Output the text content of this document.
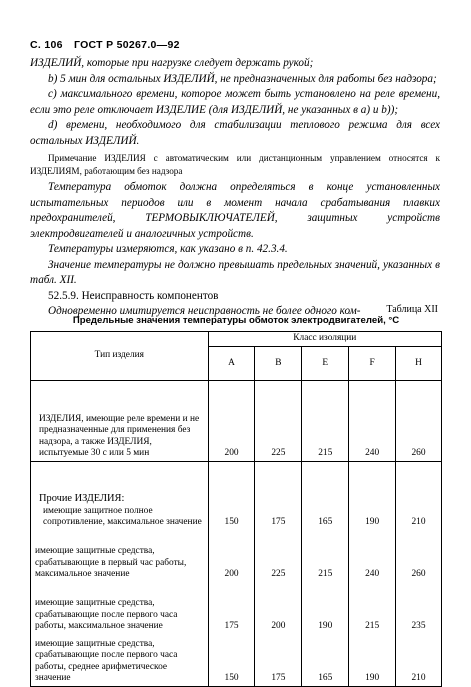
С. 106 ГОСТ Р 50267.0—92

ИЗДЕЛИЙ, которые при нагрузке следует держать рукой;

b) 5 мин для остальных ИЗДЕЛИЙ, не предназначенных для работы без надзора;

c) максимального времени, которое может быть установлено на реле времени, если это реле отключает ИЗДЕЛИЕ (для ИЗДЕЛИЙ, не указанных в a) и b));

d) времени, необходимого для стабилизации теплового режима для всех остальных ИЗДЕЛИЙ.

Примечание ИЗДЕЛИЯ с автоматическим или дистанционным управлением относятся к ИЗДЕЛИЯМ, работающим без надзора

Температура обмоток должна определяться в конце установленных испытательных периодов или в момент начала срабатывания плавких предохранителей, ТЕРМОВЫКЛЮЧАТЕЛЕЙ, защитных устройств электродвигателей и аналогичных устройств.

Температуры измеряются, как указано в п. 42.3.4.

Значение температуры не должно превышать предельных значений, указанных в табл. XII.

52.5.9. Неисправность компонентов

Одновременно имитируется неисправность не более одного ком-	Таблица XII
Предельные значения температуры обмоток электродвигателей, °С
Тип изделия	Класс изоляции				
	А	В	Е	F	Н
ИЗДЕЛИЯ, имеющие реле времени и не предназначенные для применения без надзора, а также ИЗДЕЛИЯ, испытуемые 30 с или 5 мин	200	225	215	240	260

Прочие ИЗДЕЛИЯ:
имеющие защитное полное сопротивление, максимальное значение	150	175	165	190	210
имеющие защитные средства, срабатывающие в первый час работы, максимальное значение	200	225	215	240	260
имеющие защитные средства, срабатывающие после первого часа работы, максимальное значение	175	200	190	215	235
имеющие защитные средства, срабатывающие после первого часа работы, среднее арифметическое значение	150	175	165	190	210
